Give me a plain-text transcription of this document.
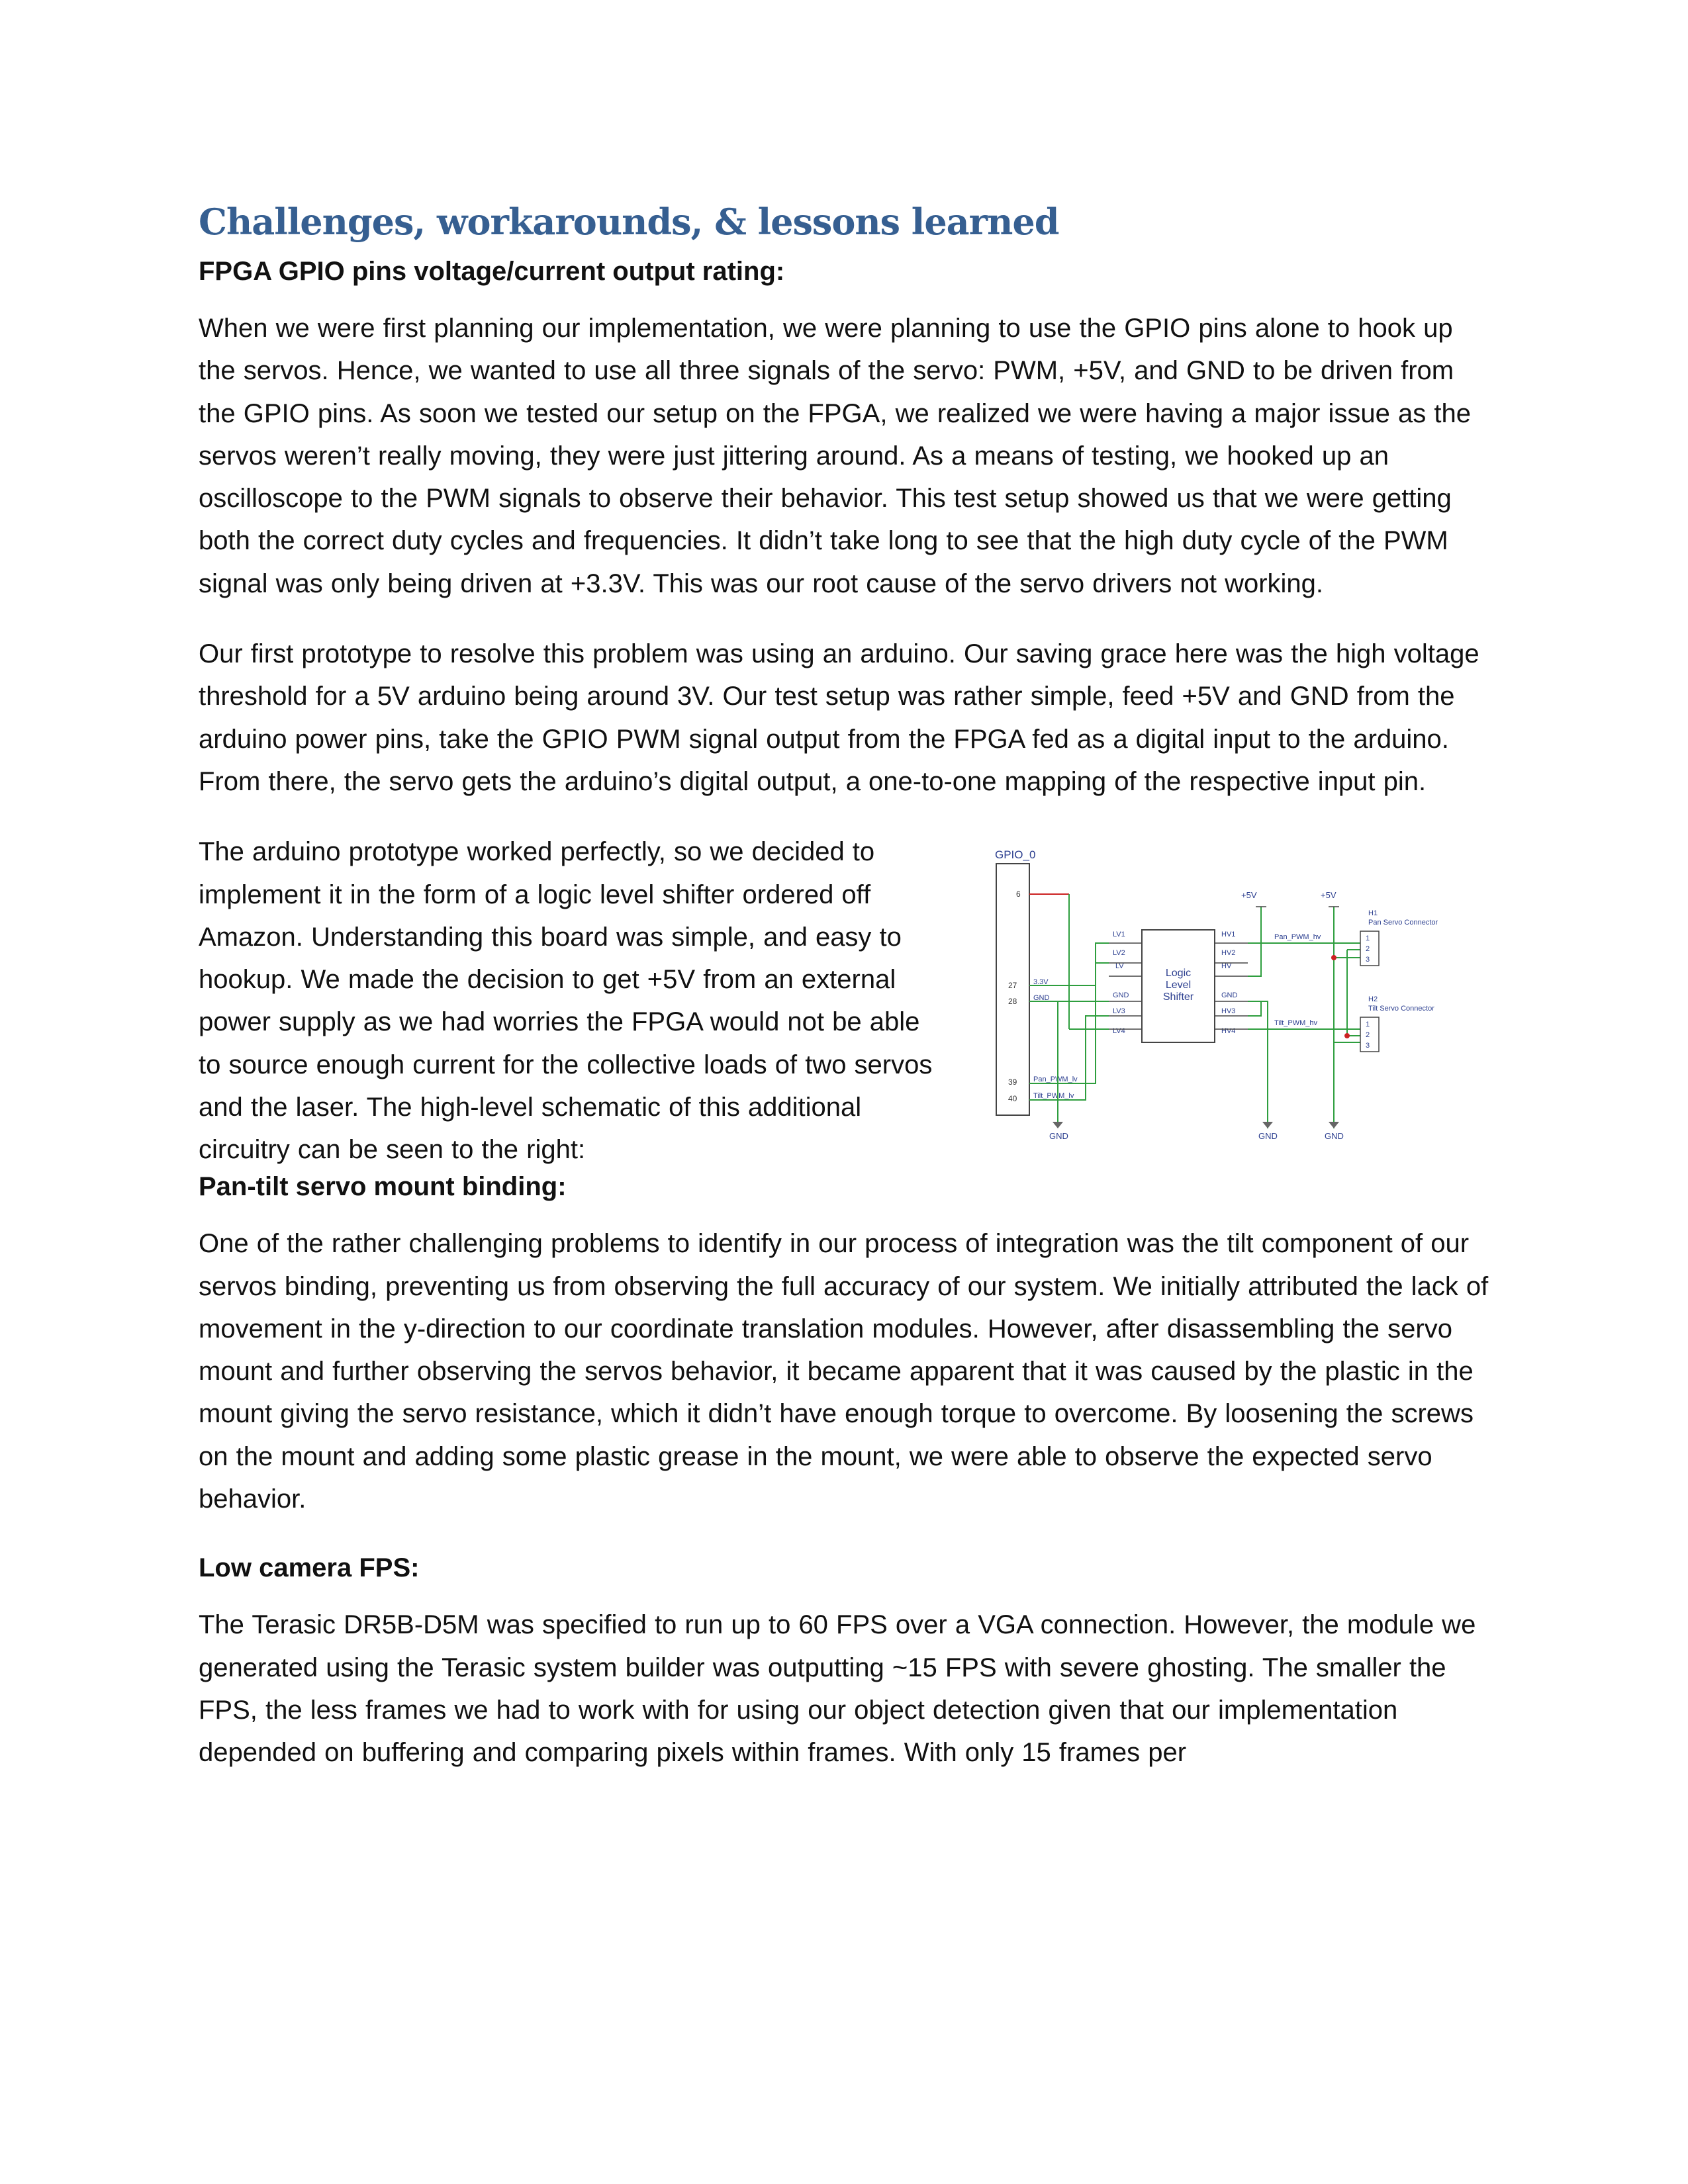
Challenges, workarounds, & lessons learned
FPGA GPIO pins voltage/current output rating:

When we were first planning our implementation, we were planning to use the GPIO pins alone to hook up the servos. Hence, we wanted to use all three signals of the servo: PWM, +5V, and GND to be driven from the GPIO pins. As soon we tested our setup on the FPGA, we realized we were having a major issue as the servos weren’t really moving, they were just jittering around. As a means of testing, we hooked up an oscilloscope to the PWM signals to observe their behavior. This test setup showed us that we were getting both the correct duty cycles and frequencies. It didn’t take long to see that the high duty cycle of the PWM signal was only being driven at +3.3V. This was our root cause of the servo drivers not working.

Our first prototype to resolve this problem was using an arduino. Our saving grace here was the high voltage threshold for a 5V arduino being around 3V. Our test setup was rather simple, feed +5V and GND from the arduino power pins, take the GPIO PWM signal output from the FPGA fed as a digital input to the arduino. From there, the servo gets the arduino’s digital output, a one-to-one mapping of the respective input pin.

The arduino prototype worked perfectly, so we decided to implement it in the form of a logic level shifter ordered off Amazon. Understanding this board was simple, and easy to hookup. We made the decision to get +5V from an external power supply as we had worries the FPGA would not be able to source enough current for the collective loads of two servos and the laser. The high-level schematic of this additional circuitry can be seen to the right:

GPIO_0
6
27
28
39
40
3.3V
GND
Pan_PWM_lv
Tilt_PWM_lv
LV1
LV2
LV
GND
LV3
LV4
Logic
Level
Shifter
HV1
HV2
HV
GND
HV3
HV4
+5V	+5V
Pan_PWM_hv
Tilt_PWM_hv
H1
Pan Servo Connector
1
2
3
H2
Tilt Servo Connector
1
2
3
GND	GND	GND
Pan-tilt servo mount binding:

One of the rather challenging problems to identify in our process of integration was the tilt component of our servos binding, preventing us from observing the full accuracy of our system. We initially attributed the lack of movement in the y-direction to our coordinate translation modules. However, after disassembling the servo mount and further observing the servos behavior, it became apparent that it was caused by the plastic in the mount giving the servo resistance, which it didn’t have enough torque to overcome. By loosening the screws on the mount and adding some plastic grease in the mount, we were able to observe the expected servo behavior.

Low camera FPS:

The Terasic DR5B-D5M was specified to run up to 60 FPS over a VGA connection. However, the module we generated using the Terasic system builder was outputting ~15 FPS with severe ghosting. The smaller the FPS, the less frames we had to work with for using our object detection given that our implementation depended on buffering and comparing pixels within frames. With only 15 frames per
